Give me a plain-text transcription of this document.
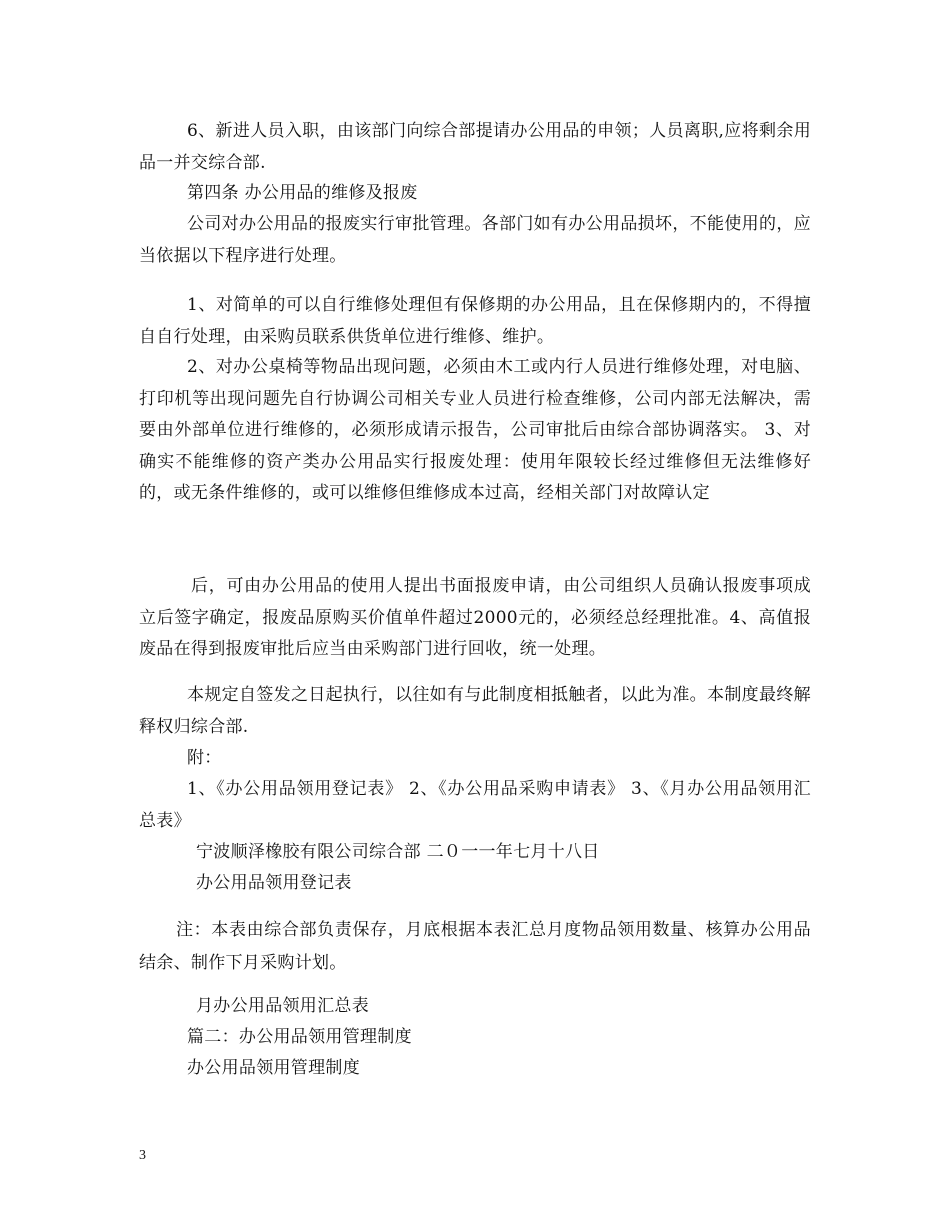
6、新进人员入职，由该部门向综合部提请办公用品的申领；人员离职,应将剩余用品一并交综合部.

第四条 办公用品的维修及报废

公司对办公用品的报废实行审批管理。各部门如有办公用品损坏，不能使用的，应当依据以下程序进行处理。

1、对简单的可以自行维修处理但有保修期的办公用品，且在保修期内的，不得擅自自行处理，由采购员联系供货单位进行维修、维护。

2、对办公桌椅等物品出现问题，必须由木工或内行人员进行维修处理，对电脑、打印机等出现问题先自行协调公司相关专业人员进行检查维修，公司内部无法解决，需要由外部单位进行维修的，必须形成请示报告，公司审批后由综合部协调落实。 3、对确实不能维修的资产类办公用品实行报废处理：使用年限较长经过维修但无法维修好的，或无条件维修的，或可以维修但维修成本过高，经相关部门对故障认定

后，可由办公用品的使用人提出书面报废申请，由公司组织人员确认报废事项成立后签字确定，报废品原购买价值单件超过2000元的，必须经总经理批准。4、高值报废品在得到报废审批后应当由采购部门进行回收，统一处理。

本规定自签发之日起执行，以往如有与此制度相抵触者，以此为准。本制度最终解释权归综合部.

附：

1、《办公用品领用登记表》 2、《办公用品采购申请表》 3、《月办公用品领用汇总表》

宁波顺泽橡胶有限公司综合部 二０一一年七月十八日

办公用品领用登记表

注：本表由综合部负责保存，月底根据本表汇总月度物品领用数量、核算办公用品结余、制作下月采购计划。

月办公用品领用汇总表

篇二：办公用品领用管理制度

办公用品领用管理制度

3
